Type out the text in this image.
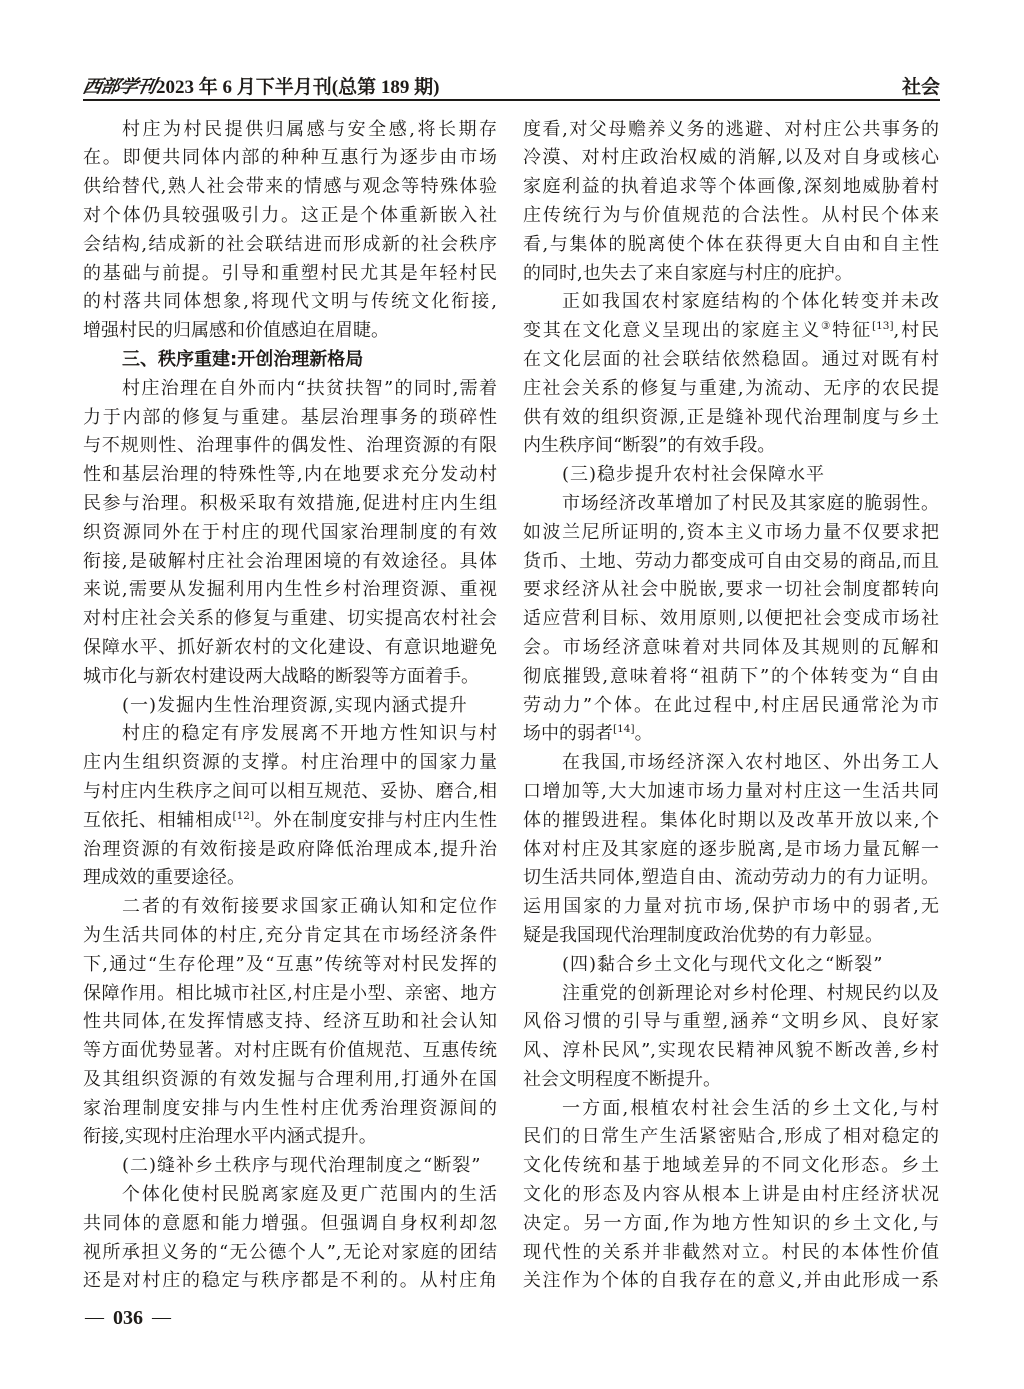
西部学刊 2023 年 6 月下半月刊(总第 189 期)	社会
村庄为村民提供归属感与安全感,将长期存
在。即便共同体内部的种种互惠行为逐步由市场
供给替代,熟人社会带来的情感与观念等特殊体验
对个体仍具较强吸引力。这正是个体重新嵌入社
会结构,结成新的社会联结进而形成新的社会秩序
的基础与前提。引导和重塑村民尤其是年轻村民
的村落共同体想象,将现代文明与传统文化衔接,
增强村民的归属感和价值感迫在眉睫。
三、秩序重建:开创治理新格局
村庄治理在自外而内“扶贫扶智”的同时,需着
力于内部的修复与重建。基层治理事务的琐碎性
与不规则性、治理事件的偶发性、治理资源的有限
性和基层治理的特殊性等,内在地要求充分发动村
民参与治理。积极采取有效措施,促进村庄内生组
织资源同外在于村庄的现代国家治理制度的有效
衔接,是破解村庄社会治理困境的有效途径。具体
来说,需要从发掘利用内生性乡村治理资源、重视
对村庄社会关系的修复与重建、切实提高农村社会
保障水平、抓好新农村的文化建设、有意识地避免
城市化与新农村建设两大战略的断裂等方面着手。
(一)发掘内生性治理资源,实现内涵式提升
村庄的稳定有序发展离不开地方性知识与村
庄内生组织资源的支撑。村庄治理中的国家力量
与村庄内生秩序之间可以相互规范、妥协、磨合,相
互依托、相辅相成[12]。外在制度安排与村庄内生性
治理资源的有效衔接是政府降低治理成本,提升治
理成效的重要途径。
二者的有效衔接要求国家正确认知和定位作
为生活共同体的村庄,充分肯定其在市场经济条件
下,通过“生存伦理”及“互惠”传统等对村民发挥的
保障作用。相比城市社区,村庄是小型、亲密、地方
性共同体,在发挥情感支持、经济互助和社会认知
等方面优势显著。对村庄既有价值规范、互惠传统
及其组织资源的有效发掘与合理利用,打通外在国
家治理制度安排与内生性村庄优秀治理资源间的
衔接,实现村庄治理水平内涵式提升。
(二)缝补乡土秩序与现代治理制度之“断裂”
个体化使村民脱离家庭及更广范围内的生活
共同体的意愿和能力增强。但强调自身权利却忽
视所承担义务的“无公德个人”,无论对家庭的团结
还是对村庄的稳定与秩序都是不利的。从村庄角
度看,对父母赡养义务的逃避、对村庄公共事务的
冷漠、对村庄政治权威的消解,以及对自身或核心
家庭利益的执着追求等个体画像,深刻地威胁着村
庄传统行为与价值规范的合法性。从村民个体来
看,与集体的脱离使个体在获得更大自由和自主性
的同时,也失去了来自家庭与村庄的庇护。
正如我国农村家庭结构的个体化转变并未改
变其在文化意义呈现出的家庭主义③特征[13],村民
在文化层面的社会联结依然稳固。通过对既有村
庄社会关系的修复与重建,为流动、无序的农民提
供有效的组织资源,正是缝补现代治理制度与乡土
内生秩序间“断裂”的有效手段。
(三)稳步提升农村社会保障水平
市场经济改革增加了村民及其家庭的脆弱性。
如波兰尼所证明的,资本主义市场力量不仅要求把
货币、土地、劳动力都变成可自由交易的商品,而且
要求经济从社会中脱嵌,要求一切社会制度都转向
适应营利目标、效用原则,以便把社会变成市场社
会。市场经济意味着对共同体及其规则的瓦解和
彻底摧毁,意味着将“祖荫下”的个体转变为“自由
劳动力”个体。在此过程中,村庄居民通常沦为市
场中的弱者[14]。
在我国,市场经济深入农村地区、外出务工人
口增加等,大大加速市场力量对村庄这一生活共同
体的摧毁进程。集体化时期以及改革开放以来,个
体对村庄及其家庭的逐步脱离,是市场力量瓦解一
切生活共同体,塑造自由、流动劳动力的有力证明。
运用国家的力量对抗市场,保护市场中的弱者,无
疑是我国现代治理制度政治优势的有力彰显。
(四)黏合乡土文化与现代文化之“断裂”
注重党的创新理论对乡村伦理、村规民约以及
风俗习惯的引导与重塑,涵养“文明乡风、良好家
风、淳朴民风”,实现农民精神风貌不断改善,乡村
社会文明程度不断提升。
一方面,根植农村社会生活的乡土文化,与村
民们的日常生产生活紧密贴合,形成了相对稳定的
文化传统和基于地域差异的不同文化形态。乡土
文化的形态及内容从根本上讲是由村庄经济状况
决定。另一方面,作为地方性知识的乡土文化,与
现代性的关系并非截然对立。村民的本体性价值
关注作为个体的自我存在的意义,并由此形成一系
— 036 —
